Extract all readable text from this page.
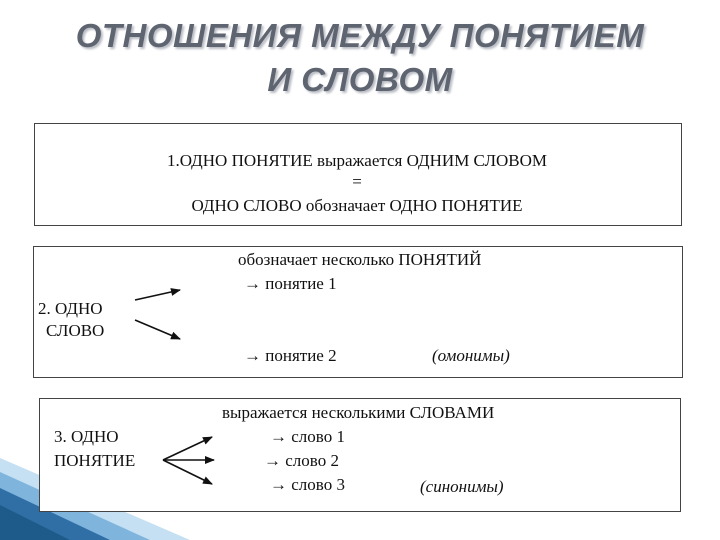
ОТНОШЕНИЯ МЕЖДУ ПОНЯТИЕМ
И СЛОВОМ
1.ОДНО ПОНЯТИЕ выражается ОДНИМ СЛОВОМ
=
ОДНО СЛОВО обозначает ОДНО ПОНЯТИЕ
обозначает несколько ПОНЯТИЙ
→ понятие 1
2. ОДНО
СЛОВО
→ понятие 2	(омонимы)
выражается несколькими СЛОВАМИ
3. ОДНО	→ слово 1
ПОНЯТИЕ	→ слово 2
→ слово 3	(синонимы)
